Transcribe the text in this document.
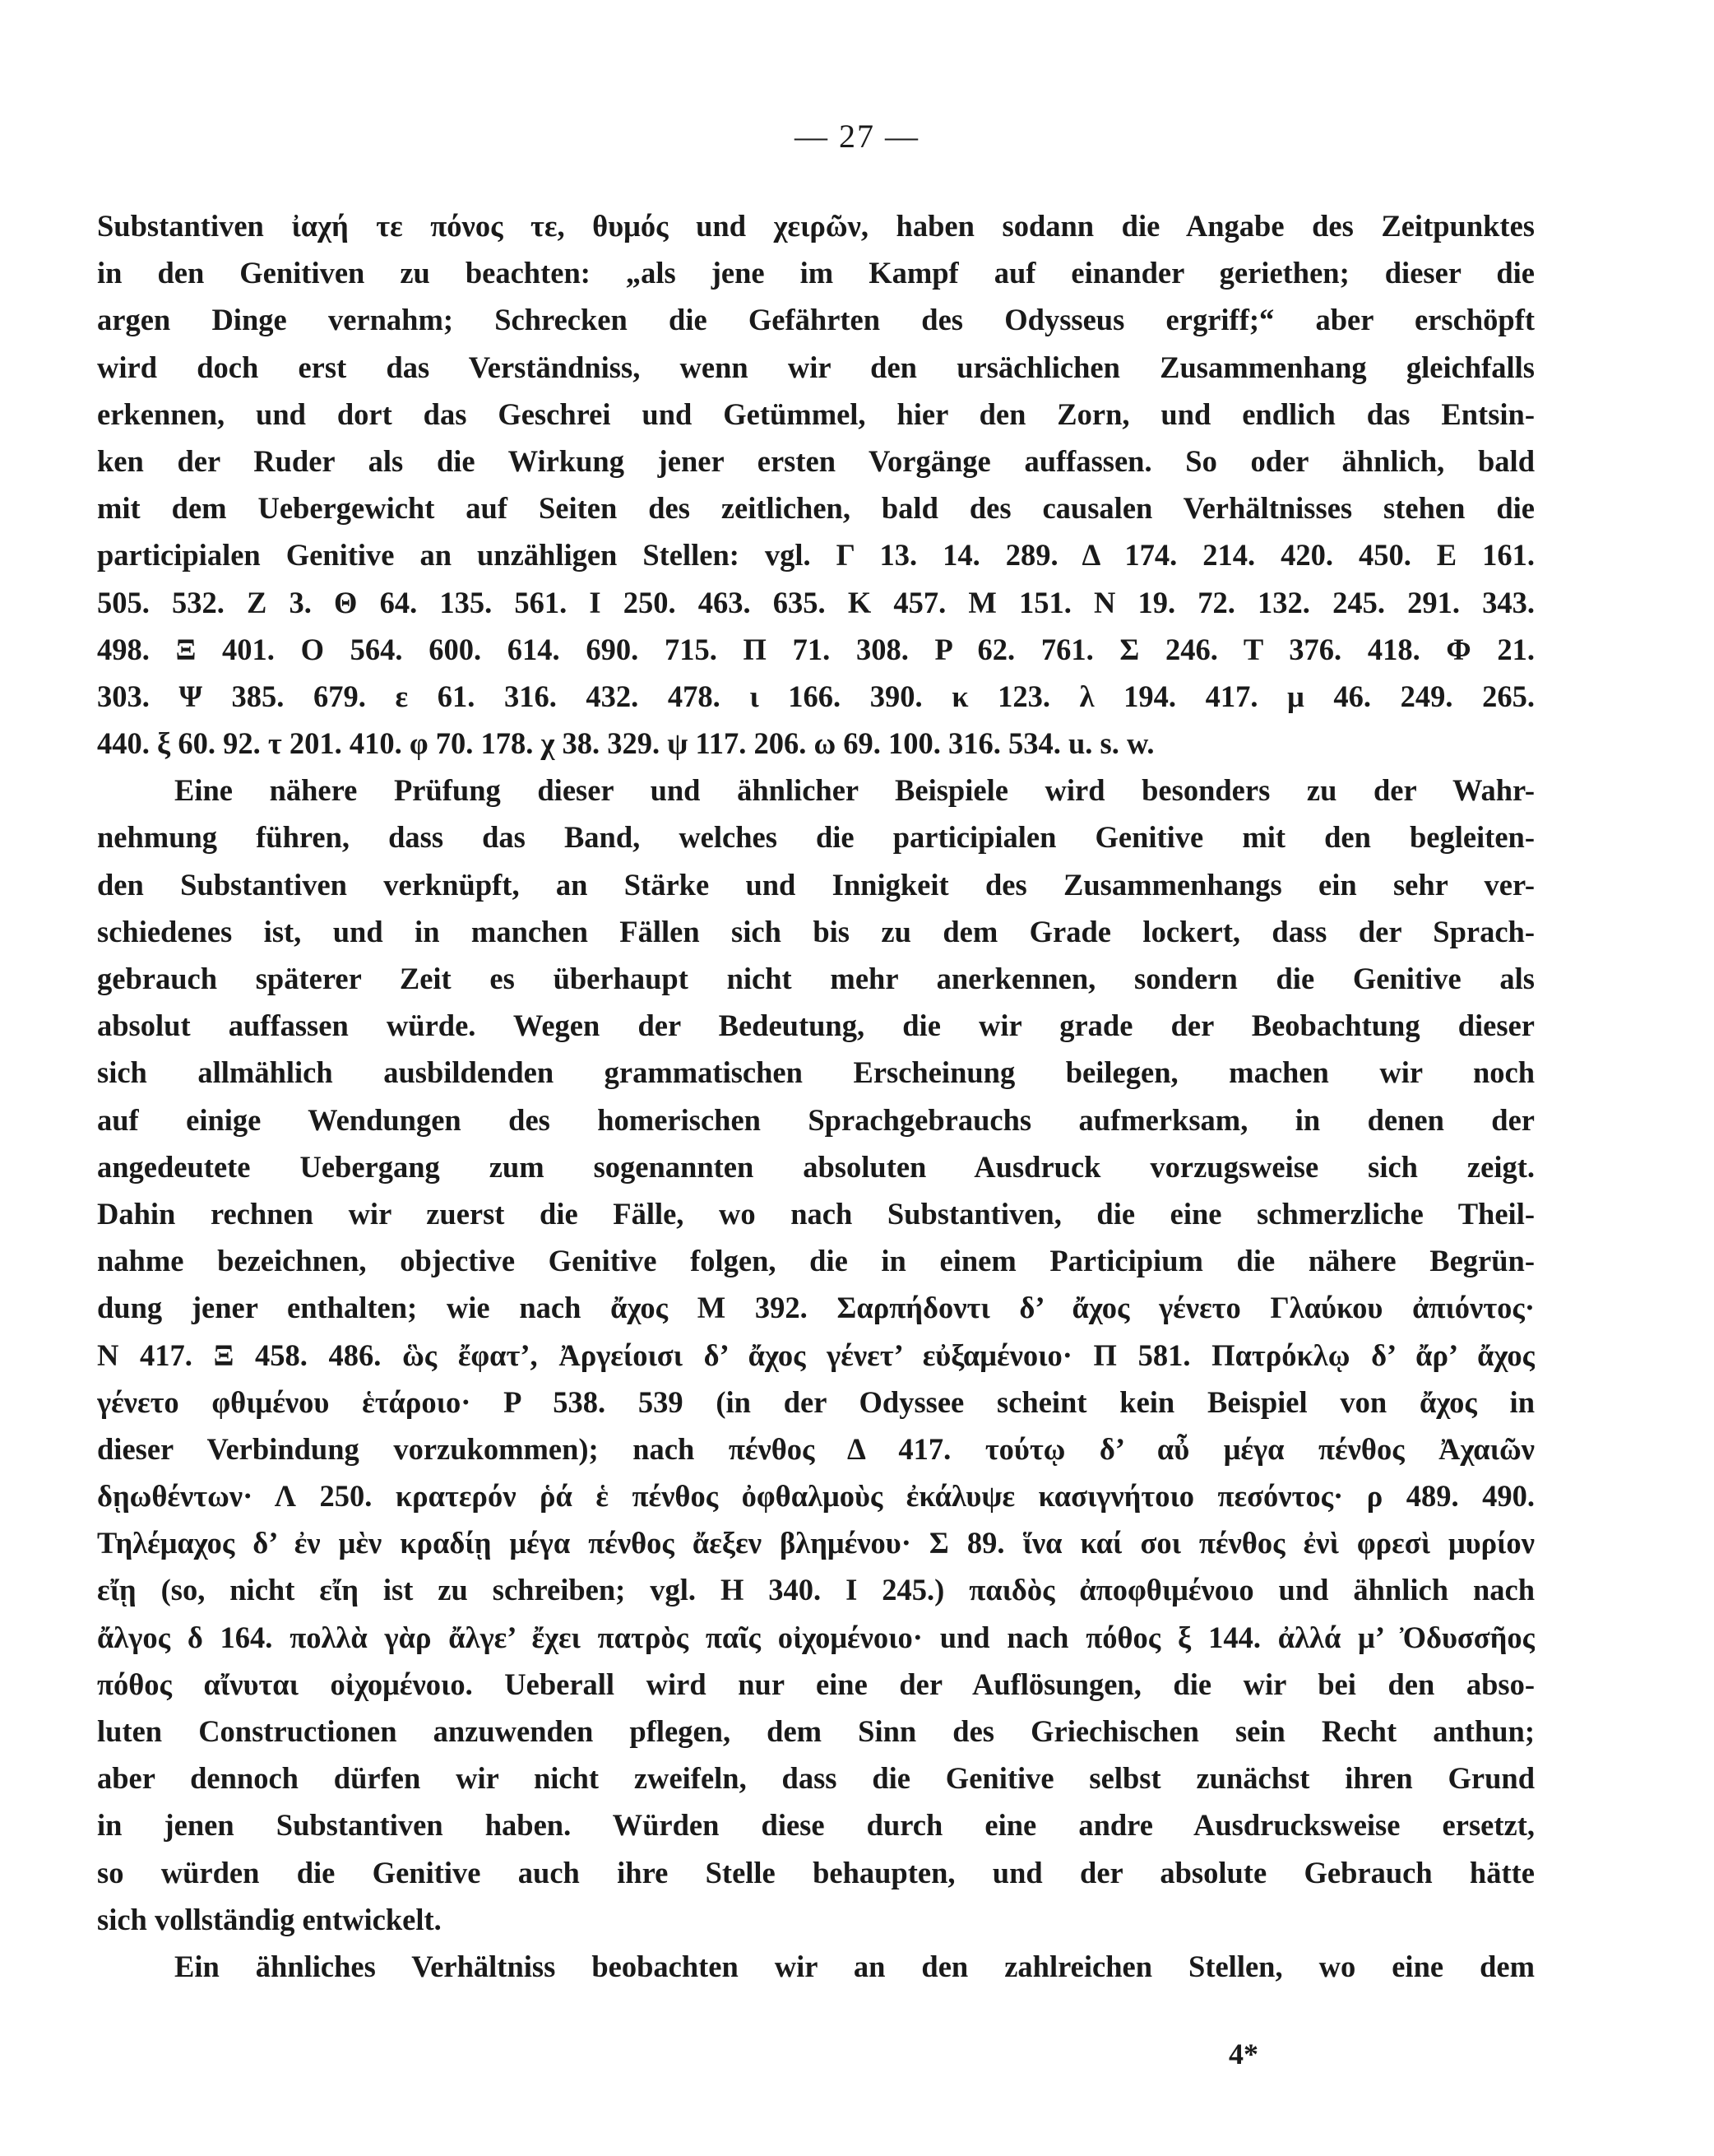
— 27 —
Substantiven ἰαχή τε πόνος τε, θυμός und χειρῶν, haben sodann die Angabe des Zeitpunktes
in den Genitiven zu beachten: „als jene im Kampf auf einander geriethen; dieser die
argen Dinge vernahm; Schrecken die Gefährten des Odysseus ergriff;“ aber erschöpft
wird doch erst das Verständniss, wenn wir den ursächlichen Zusammenhang gleichfalls
erkennen, und dort das Geschrei und Getümmel, hier den Zorn, und endlich das Entsin-
ken der Ruder als die Wirkung jener ersten Vorgänge auffassen. So oder ähnlich, bald
mit dem Uebergewicht auf Seiten des zeitlichen, bald des causalen Verhältnisses stehen die
participialen Genitive an unzähligen Stellen: vgl. Γ 13. 14. 289. Δ 174. 214. 420. 450. Ε 161.
505. 532. Ζ 3. Θ 64. 135. 561. Ι 250. 463. 635. Κ 457. Μ 151. Ν 19. 72. 132. 245. 291. 343.
498. Ξ 401. Ο 564. 600. 614. 690. 715. Π 71. 308. Ρ 62. 761. Σ 246. Τ 376. 418. Φ 21.
303. Ψ 385. 679. ε 61. 316. 432. 478. ι 166. 390. κ 123. λ 194. 417. μ 46. 249. 265.
440. ξ 60. 92. τ 201. 410. φ 70. 178. χ 38. 329. ψ 117. 206. ω 69. 100. 316. 534. u. s. w.
Eine nähere Prüfung dieser und ähnlicher Beispiele wird besonders zu der Wahr-
nehmung führen, dass das Band, welches die participialen Genitive mit den begleiten-
den Substantiven verknüpft, an Stärke und Innigkeit des Zusammenhangs ein sehr ver-
schiedenes ist, und in manchen Fällen sich bis zu dem Grade lockert, dass der Sprach-
gebrauch späterer Zeit es überhaupt nicht mehr anerkennen, sondern die Genitive als
absolut auffassen würde. Wegen der Bedeutung, die wir grade der Beobachtung dieser
sich allmählich ausbildenden grammatischen Erscheinung beilegen, machen wir noch
auf einige Wendungen des homerischen Sprachgebrauchs aufmerksam, in denen der
angedeutete Uebergang zum sogenannten absoluten Ausdruck vorzugsweise sich zeigt.
Dahin rechnen wir zuerst die Fälle, wo nach Substantiven, die eine schmerzliche Theil-
nahme bezeichnen, objective Genitive folgen, die in einem Participium die nähere Begrün-
dung jener enthalten; wie nach ἄχος Μ 392. Σαρπήδοντι δ’ ἄχος γένετο Γλαύκου ἀπιόντος·
Ν 417. Ξ 458. 486. ὣς ἔφατ’, Ἀργείοισι δ’ ἄχος γένετ’ εὐξαμένοιο· Π 581. Πατρόκλῳ δ’ ἄρ’ ἄχος
γένετο φθιμένου ἑτάροιο· Ρ 538. 539 (in der Odyssee scheint kein Beispiel von ἄχος in
dieser Verbindung vorzukommen); nach πένθος Δ 417. τούτῳ δ’ αὖ μέγα πένθος Ἀχαιῶν
δῃωθέντων· Λ 250. κρατερόν ῥά ἑ πένθος ὀφθαλμοὺς ἐκάλυψε κασιγνήτοιο πεσόντος· ρ 489. 490.
Τηλέμαχος δ’ ἐν μὲν κραδίῃ μέγα πένθος ἄεξεν βλημένου· Σ 89. ἵνα καί σοι πένθος ἐνὶ φρεσὶ μυρίον
εἴῃ (so, nicht εἴη ist zu schreiben; vgl. Η 340. Ι 245.) παιδὸς ἀποφθιμένοιο und ähnlich nach
ἄλγος δ 164. πολλὰ γὰρ ἄλγε’ ἔχει πατρὸς παῖς οἰχομένοιο· und nach πόθος ξ 144. ἀλλά μ’ Ὀδυσσῆος
πόθος αἴνυται οἰχομένοιο. Ueberall wird nur eine der Auflösungen, die wir bei den abso-
luten Constructionen anzuwenden pflegen, dem Sinn des Griechischen sein Recht anthun;
aber dennoch dürfen wir nicht zweifeln, dass die Genitive selbst zunächst ihren Grund
in jenen Substantiven haben. Würden diese durch eine andre Ausdrucksweise ersetzt,
so würden die Genitive auch ihre Stelle behaupten, und der absolute Gebrauch hätte
sich vollständig entwickelt.
Ein ähnliches Verhältniss beobachten wir an den zahlreichen Stellen, wo eine dem
4*
